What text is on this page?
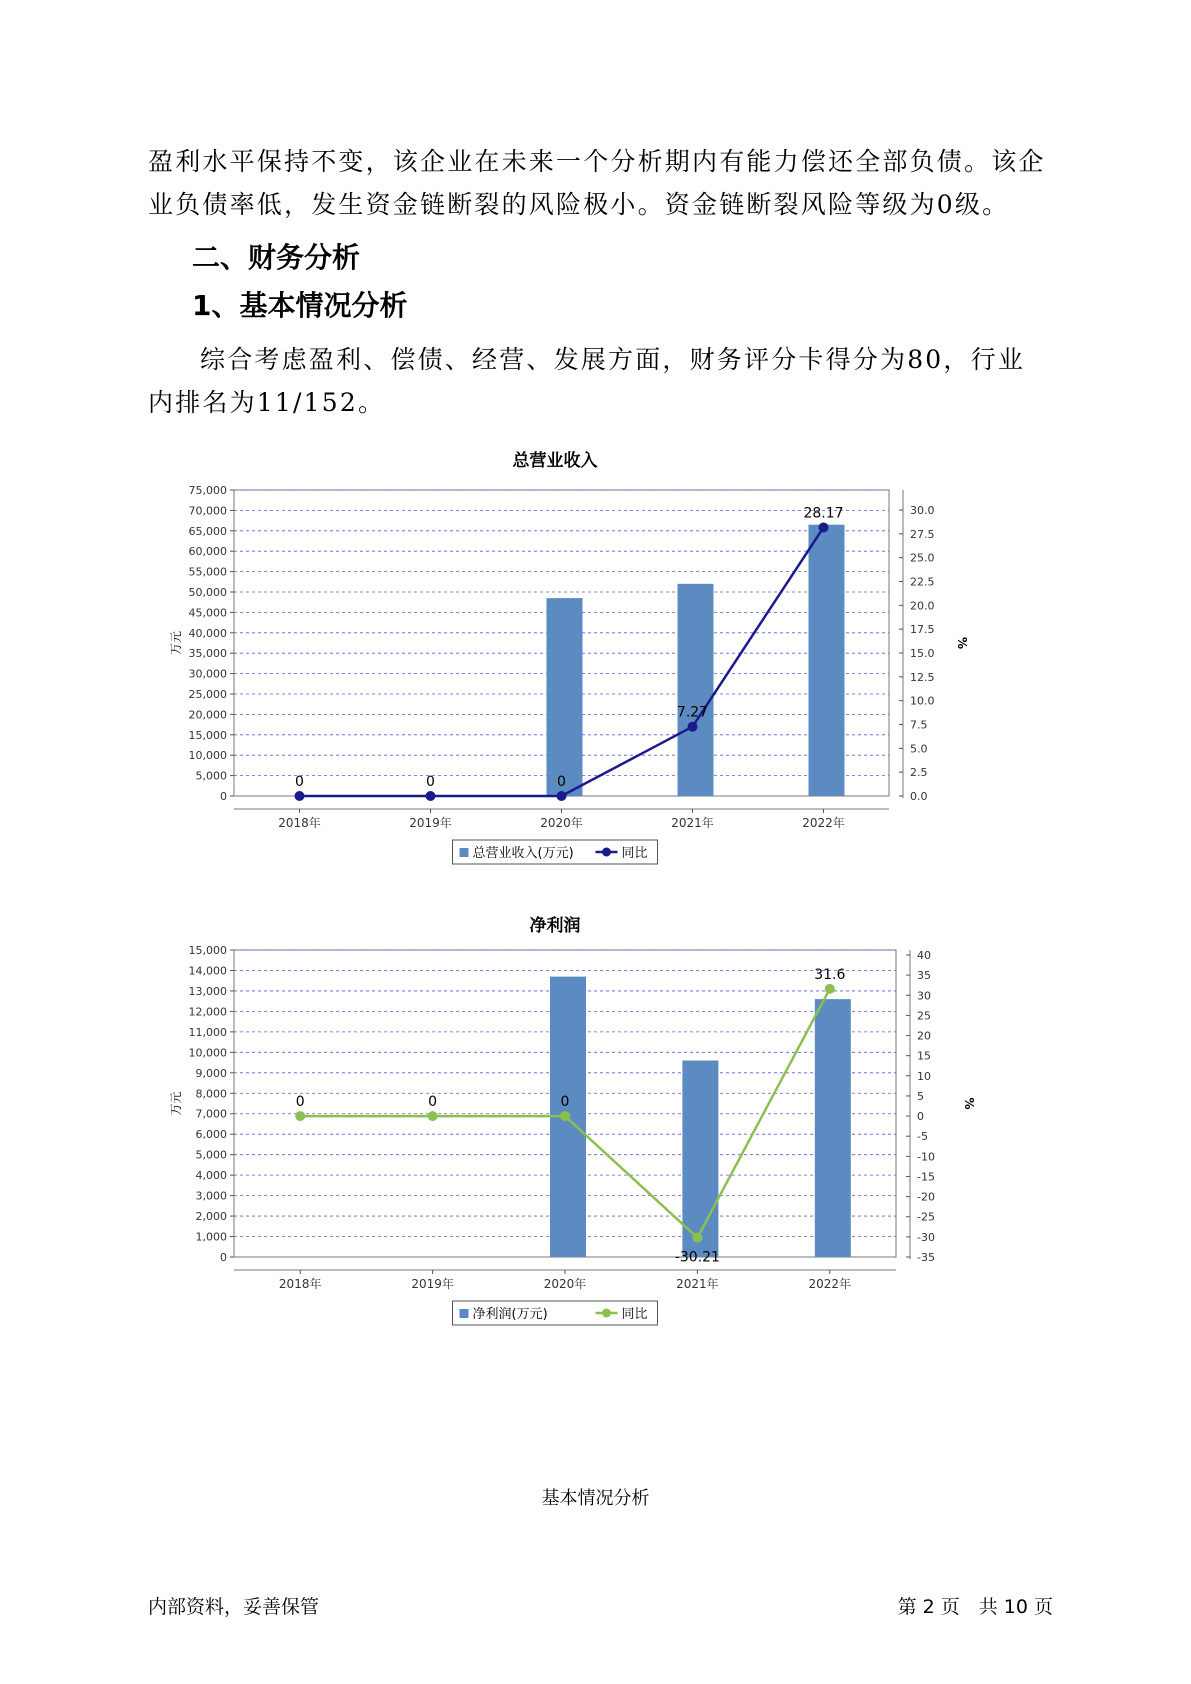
盈利水平保持不变，该企业在未来一个分析期内有能力偿还全部负债。该企业负债率低，发生资金链断裂的风险极小。资金链断裂风险等级为0级。

二、财务分析

1、基本情况分析

综合考虑盈利、偿债、经营、发展方面，财务评分卡得分为80，行业内排名为11/152。

总营业收入
0
5,000
10,000
15,000
20,000
25,000
30,000
35,000
40,000
45,000
50,000
55,000
60,000
65,000
70,000
75,000
万元
0.0
2.5
5.0
7.5
10.0
12.5
15.0
17.5
20.0
22.5
25.0
27.5
30.0
%
2018年	2019年	2020年	2021年	2022年
0	0	0
7.27
28.17
总营业收入(万元)	同比
净利润
0
1,000
2,000
3,000
4,000
5,000
6,000
7,000
8,000
9,000
10,000
11,000
12,000
13,000
14,000
15,000
万元
-35
-30
-25
-20
-15
-10
-5
0
5
10
15
20
25
30
35
40
%
2018年	2019年	2020年	2021年	2022年
0	0	0
-30.21
31.6
净利润(万元)	同比
基本情况分析
内部资料，妥善保管	第 2 页　共 10 页
